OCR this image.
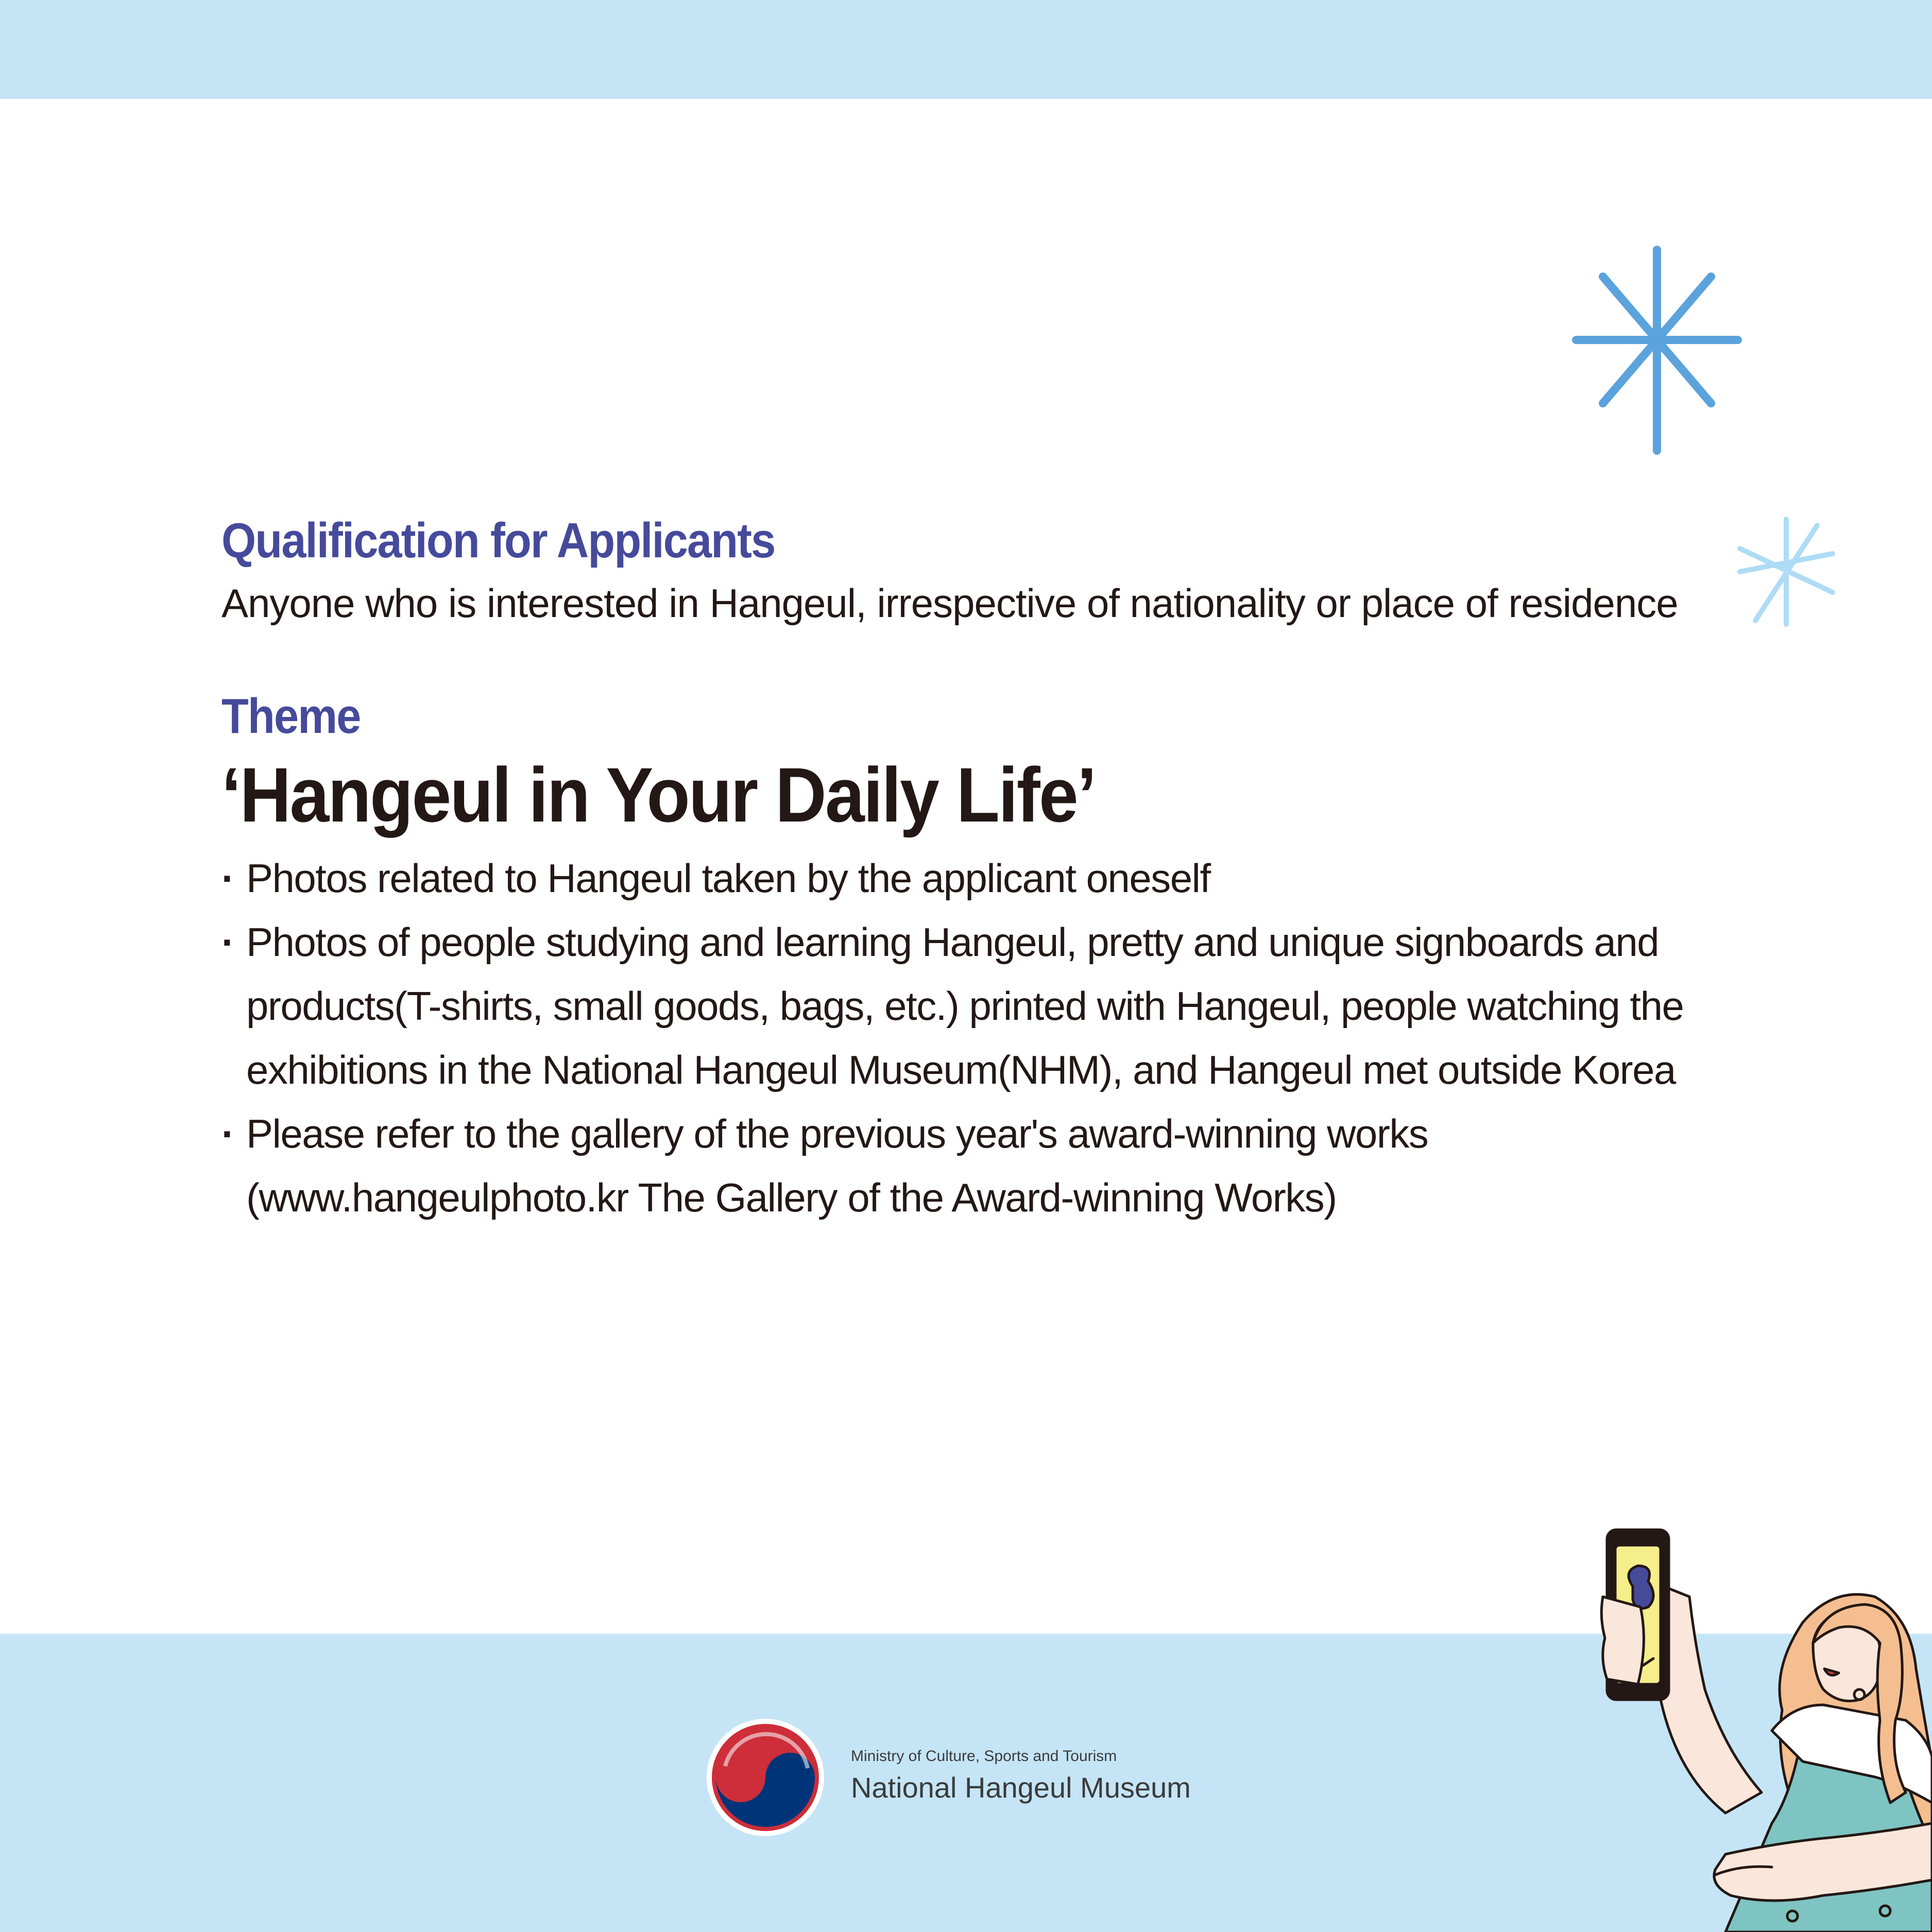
Qualification for Applicants

Anyone who is interested in Hangeul, irrespective of nationality or place of residence

Theme
‘Hangeul in Your Daily Life’
· Photos related to Hangeul taken by the applicant oneself
· Photos of people studying and learning Hangeul, pretty and unique signboards and products(T-shirts, small goods, bags, etc.) printed with Hangeul, people watching the exhibitions in the National Hangeul Museum(NHM), and Hangeul met outside Korea
· Please refer to the gallery of the previous year's award-winning works (www.hangeulphoto.kr The Gallery of the Award-winning Works)
Ministry of Culture, Sports and Tourism
National Hangeul Museum
